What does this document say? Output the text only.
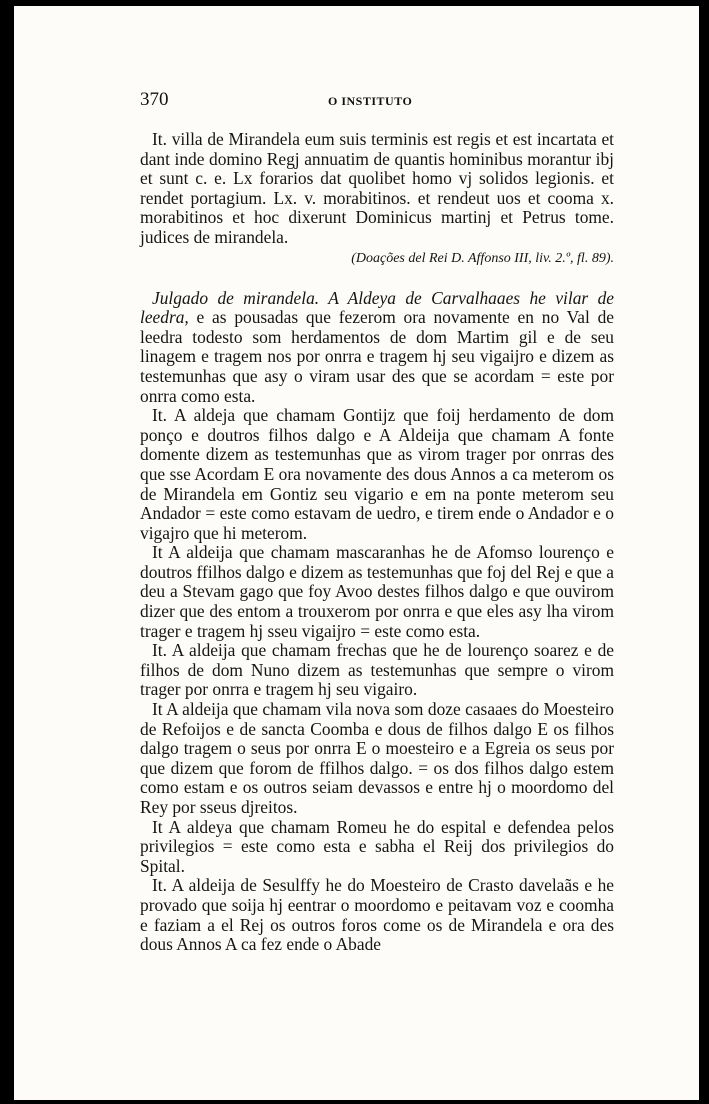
370	O INSTITUTO

It. villa de Mirandela eum suis terminis est regis et est incartata et dant inde domino Regj annuatim de quantis hominibus morantur ibj et sunt c. e. Lx forarios dat quolibet homo vj solidos legionis. et rendet portagium. Lx. v. morabitinos. et rendeut uos et cooma x. morabitinos et hoc dixerunt Dominicus martinj et Petrus tome. judices de mirandela.

(Doações del Rei D. Affonso III, liv. 2.º, fl. 89).

Julgado de mirandela. A Aldeya de Carvalhaaes he vilar de leedra, e as pousadas que fezerom ora novamente en no Val de leedra todesto som herdamentos de dom Martim gil e de seu linagem e tragem nos por onrra e tragem hj seu vigaijro e dizem as testemunhas que asy o viram usar des que se acordam = este por onrra como esta.

It. A aldeja que chamam Gontijz que foij herdamento de dom ponço e doutros filhos dalgo e A Aldeija que chamam A fonte domente dizem as testemunhas que as virom trager por onrras des que sse Acordam E ora novamente des dous Annos a ca meterom os de Mirandela em Gontiz seu vigario e em na ponte meterom seu Andador = este como estavam de uedro, e tirem ende o Andador e o vigajro que hi meterom.

It A aldeija que chamam mascaranhas he de Afomso lourenço e doutros ffilhos dalgo e dizem as testemunhas que foj del Rej e que a deu a Stevam gago que foy Avoo destes filhos dalgo e que ouvirom dizer que des entom a trouxerom por onrra e que eles asy lha virom trager e tragem hj sseu vigaijro = este como esta.

It. A aldeija que chamam frechas que he de lourenço soarez e de filhos de dom Nuno dizem as testemunhas que sempre o virom trager por onrra e tragem hj seu vigairo.

It A aldeija que chamam vila nova som doze casaaes do Moesteiro de Refoijos e de sancta Coomba e dous de filhos dalgo E os filhos dalgo tragem o seus por onrra E o moesteiro e a Egreia os seus por que dizem que forom de ffilhos dalgo. = os dos filhos dalgo estem como estam e os outros seiam devassos e entre hj o moordomo del Rey por sseus djreitos.

It A aldeya que chamam Romeu he do espital e defendea pelos privilegios = este como esta e sabha el Reij dos privilegios do Spital.

It. A aldeija de Sesulffy he do Moesteiro de Crasto davelaãs e he provado que soija hj eentrar o moordomo e peitavam voz e coomha e faziam a el Rej os outros foros come os de Mirandela e ora des dous Annos A ca fez ende o Abade
